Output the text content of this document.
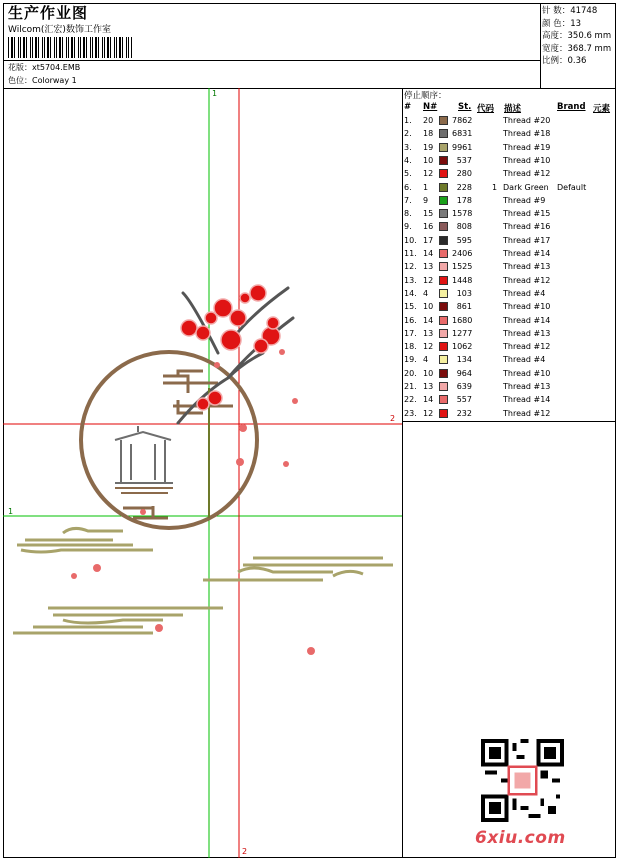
生产作业图
Wilcom(汇宏)数饰工作室
花版：xt5704.EMB
色位：Colorway 1
针 数：41748
颜 色：13
高度：350.6 mm
宽度：368.7 mm
比例：0.36
停止顺序：
# N# St. 代码 描述	Brand 元素
1. 20 7862	Thread #20
2. 18 6831	Thread #18
3. 19 9961	Thread #19
4. 10	537	Thread #10
5. 12	280	Thread #12
6. 1	228	1 Dark Green Default
7. 9	178	Thread #9
8. 15 1578	Thread #15
9. 16	808	Thread #16
10. 17	595	Thread #17
11. 14 2406	Thread #14
12. 13 1525	Thread #13
13. 12 1448	Thread #12
14. 4	103	Thread #4
15. 10	861	Thread #10
16. 14 1680	Thread #14
17. 13 1277	Thread #13
18. 12 1062	Thread #12
19. 4	134	Thread #4
20. 10	964	Thread #10
21. 13	639	Thread #13
22. 14	557	Thread #14
23. 12	232	Thread #12
1
1
2
2
6xiu.com
